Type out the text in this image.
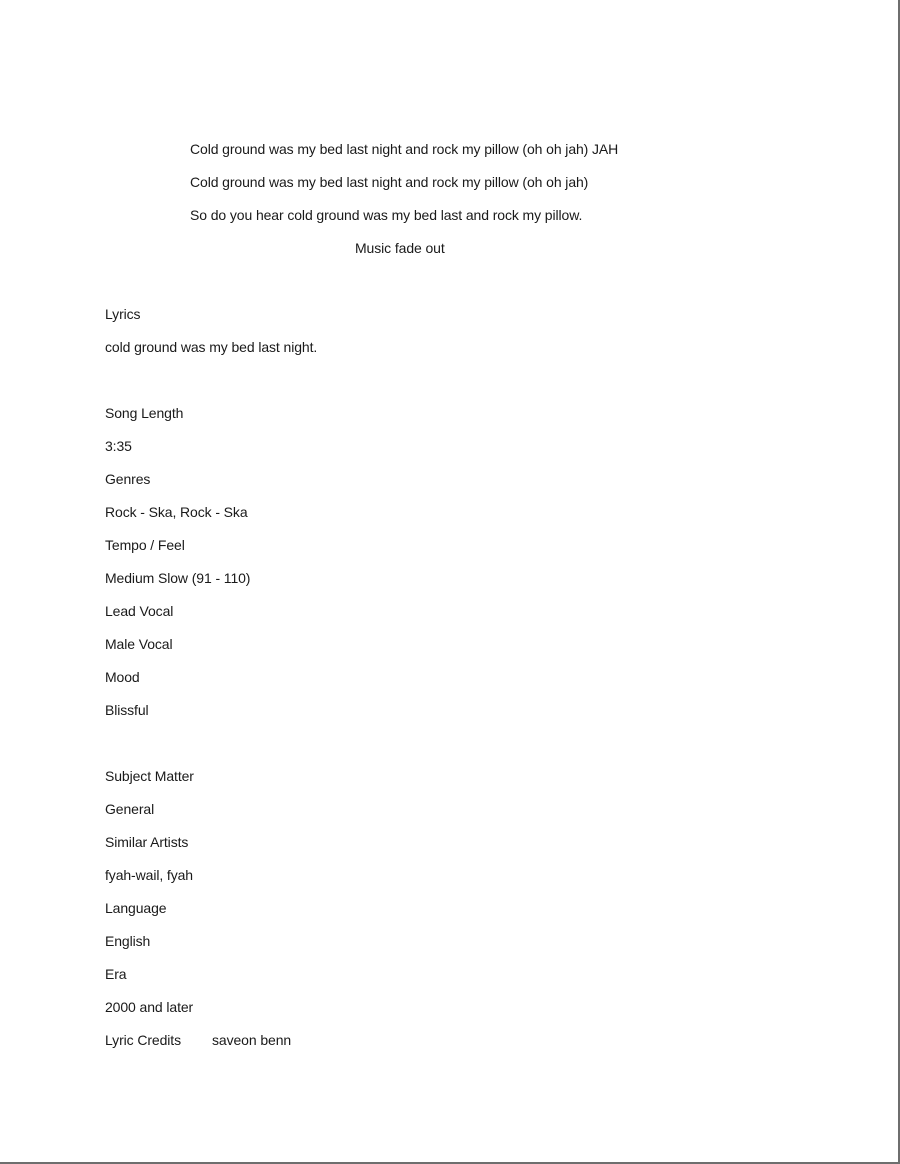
Cold ground was my bed last night and rock my pillow (oh oh jah) JAH
Cold ground was my bed last night and rock my pillow (oh oh jah)
So do you hear cold ground was my bed last and rock my pillow.
Music fade out
Lyrics
cold ground was my bed last night.
Song Length
3:35
Genres
Rock - Ska, Rock - Ska
Tempo / Feel
Medium Slow (91 - 110)
Lead Vocal
Male Vocal
Mood
Blissful
Subject Matter
General
Similar Artists
fyah-wail, fyah
Language
English
Era
2000 and later
Lyric Credits saveon benn
